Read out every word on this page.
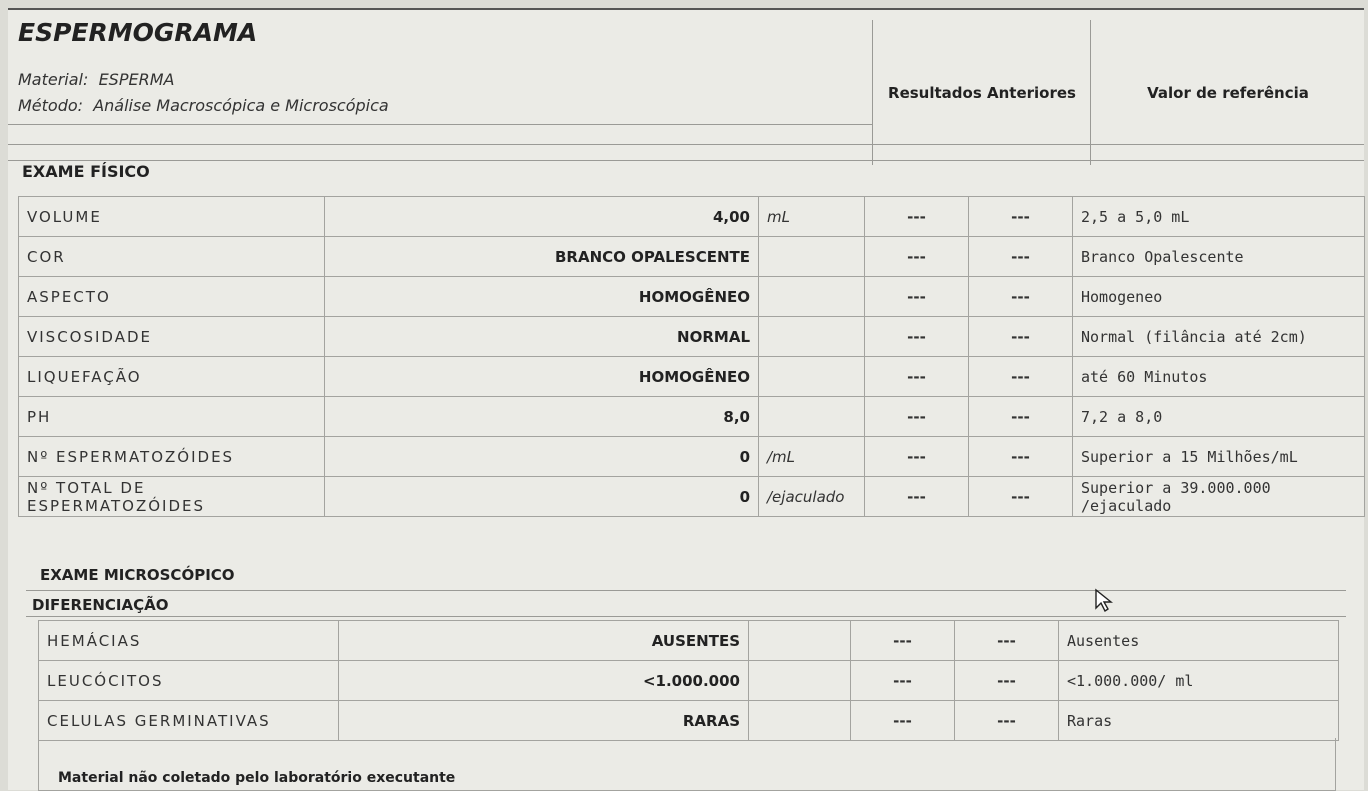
ESPERMOGRAMA
Material: ESPERMA
Método: Análise Macroscópica e Microscópica
Resultados Anteriores	Valor de referência
EXAME FÍSICO
VOLUME	4,00	mL	---	---	2,5 a 5,0 mL
COR	BRANCO OPALESCENTE		---	---	Branco Opalescente
ASPECTO	HOMOGÊNEO		---	---	Homogeneo
VISCOSIDADE	NORMAL		---	---	Normal (filância até 2cm)
LIQUEFAÇÃO	HOMOGÊNEO		---	---	até 60 Minutos
PH	8,0		---	---	7,2 a 8,0
Nº ESPERMATOZÓIDES	0	/mL	---	---	Superior a 15 Milhões/mL
Nº TOTAL DE ESPERMATOZÓIDES	0	/ejaculado	---	---	Superior a 39.000.000 /ejaculado
EXAME MICROSCÓPICO
DIFERENCIAÇÃO
HEMÁCIAS	AUSENTES		---	---	Ausentes
LEUCÓCITOS	<1.000.000		---	---	<1.000.000/ ml
CELULAS GERMINATIVAS	RARAS		---	---	Raras
Material não coletado pelo laboratório executante
